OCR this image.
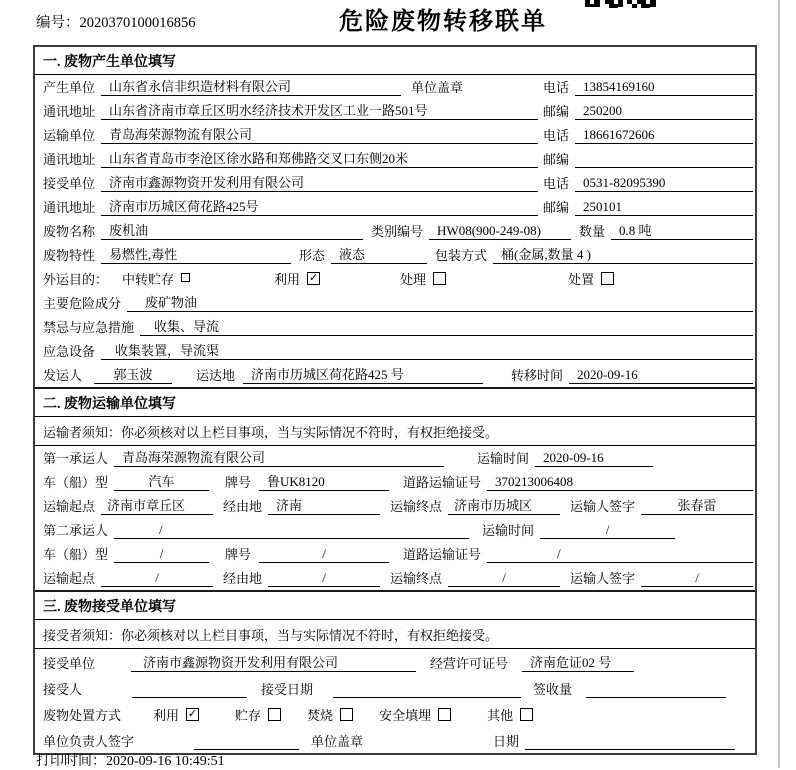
编号：2020370100016856	危险废物转移联单
一. 废物产生单位填写
产生单位	山东省永信非织造材料有限公司	单位盖章	电话	13854169160
通讯地址	山东省济南市章丘区明水经济技术开发区工业一路501号	邮编	250200
运输单位	青岛海荣源物流有限公司	电话	18661672606
通讯地址	山东省青岛市李沧区徐水路和郑佛路交叉口东侧20米	邮编
接受单位	济南市鑫源物资开发利用有限公司	电话	0531-82095390
通讯地址	济南市历城区荷花路425号	邮编	250101
废物名称	废机油	类别编号	HW08(900-249-08)	数量	0.8 吨
废物特性	易燃性,毒性	形态	液态	包装方式	桶(金属,数量 4 )
外运目的： 中转贮存	利用 ✓	处理	处置
主要危险成分	废矿物油
禁忌与应急措施	收集、导流
应急设备	收集装置，导流渠
发运人	郭玉波	运达地	济南市历城区荷花路425 号	转移时间	2020-09-16
二. 废物运输单位填写
运输者须知：你必须核对以上栏目事项，当与实际情况不符时，有权拒绝接受。
第一承运人	青岛海荣源物流有限公司	运输时间	2020-09-16
车（船）型	汽车	牌号	鲁UK8120	道路运输证号	370213006408
运输起点 济南市章丘区	经由地	济南	运输终点 济南市历城区	运输人签字	张春雷
第二承运人	/	运输时间	/
车（船）型	/	牌号	/	道路运输证号	/
运输起点	/	经由地	/	运输终点	/	运输人签字	/
三. 废物接受单位填写
接受者须知：你必须核对以上栏目事项，当与实际情况不符时，有权拒绝接受。
接受单位	济南市鑫源物资开发利用有限公司	经营许可证号	济南危证02 号
接受人	接受日期	签收量
废物处置方式 利用 ✓	贮存	焚烧	安全填埋	其他
单位负责人签字	单位盖章	日期
打印时间：2020-09-16 10:49:51
